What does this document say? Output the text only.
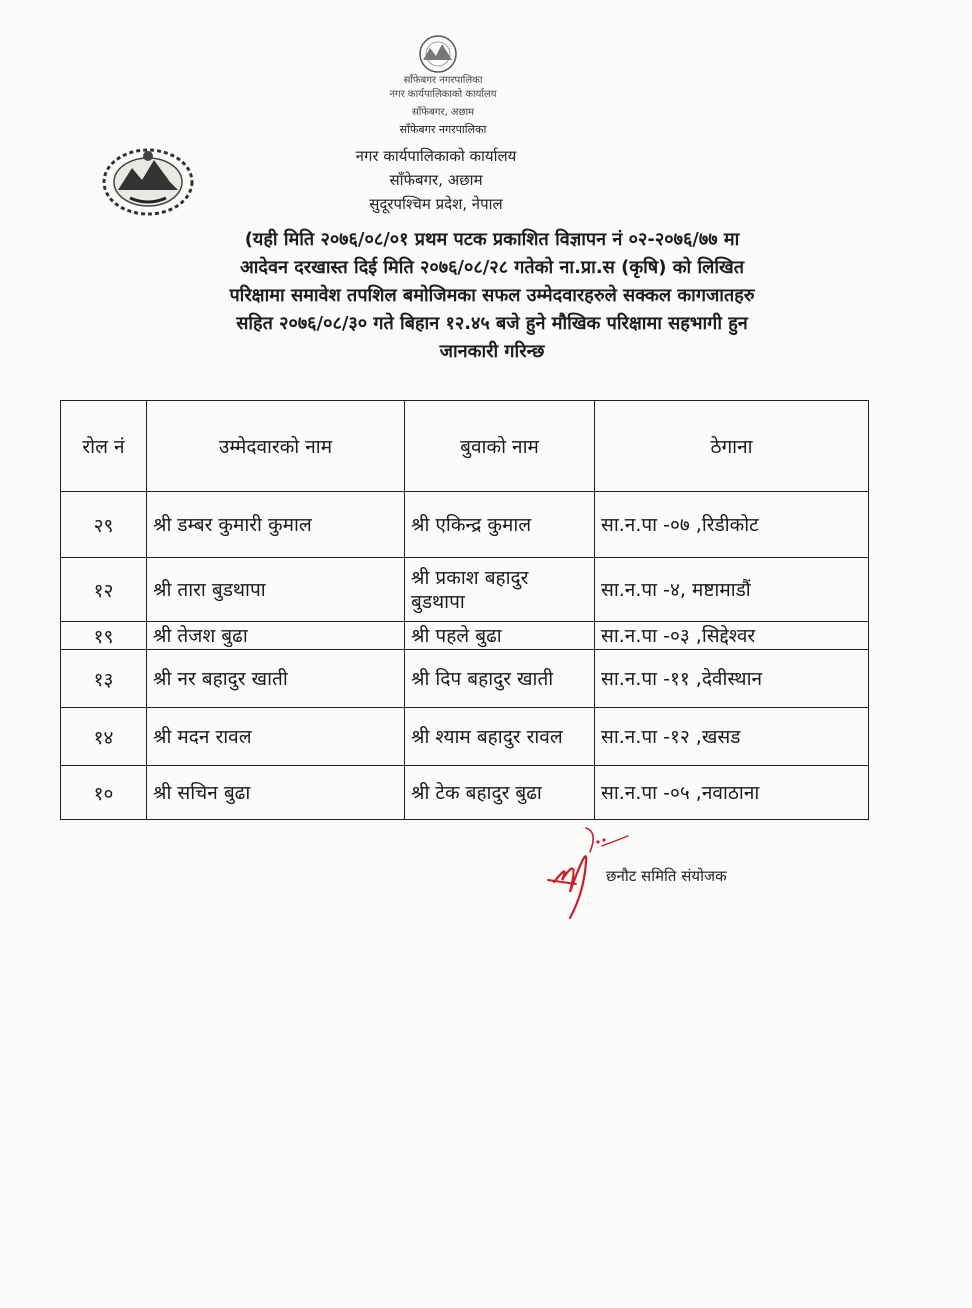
साँफेबगर नगरपालिका
नगर कार्यपालिकाको कार्यालय
साँफेबगर, अछाम
साँफेबगर नगरपालिका
नगर कार्यपालिकाको कार्यालय
साँफेबगर, अछाम
सुदूरपश्चिम प्रदेश, नेपाल
(यही मिति २०७६/०८/०१ प्रथम पटक प्रकाशित विज्ञापन नं ०२-२०७६/७७ मा
आदेवन दरखास्त दिई मिति २०७६/०८/२८ गतेको ना.प्रा.स (कृषि) को लिखित
परिक्षामा समावेश तपशिल बमोजिमका सफल उम्मेदवारहरुले सक्कल कागजातहरु
सहित २०७६/०८/३० गते बिहान १२.४५ बजे हुने मौखिक परिक्षामा सहभागी हुन
जानकारी गरिन्छ
रोल नं	उम्मेदवारको नाम	बुवाको नाम	ठेगाना
२९	श्री डम्बर कुमारी कुमाल	श्री एकिन्द्र कुमाल	सा.न.पा -०७ ,रिडीकोट
१२	श्री तारा बुडथापा	श्री प्रकाश बहादुर बुडथापा	सा.न.पा -४, मष्टामाडौं
१९	श्री तेजश बुढा	श्री पहले बुढा	सा.न.पा -०३ ,सिद्देश्वर
१३	श्री नर बहादुर खाती	श्री दिप बहादुर खाती	सा.न.पा -११ ,देवीस्थान
१४	श्री मदन रावल	श्री श्याम बहादुर रावल	सा.न.पा -१२ ,खसड
१०	श्री सचिन बुढा	श्री टेक बहादुर बुढा	सा.न.पा -०५ ,नवाठाना
छनौट समिति संयोजक
